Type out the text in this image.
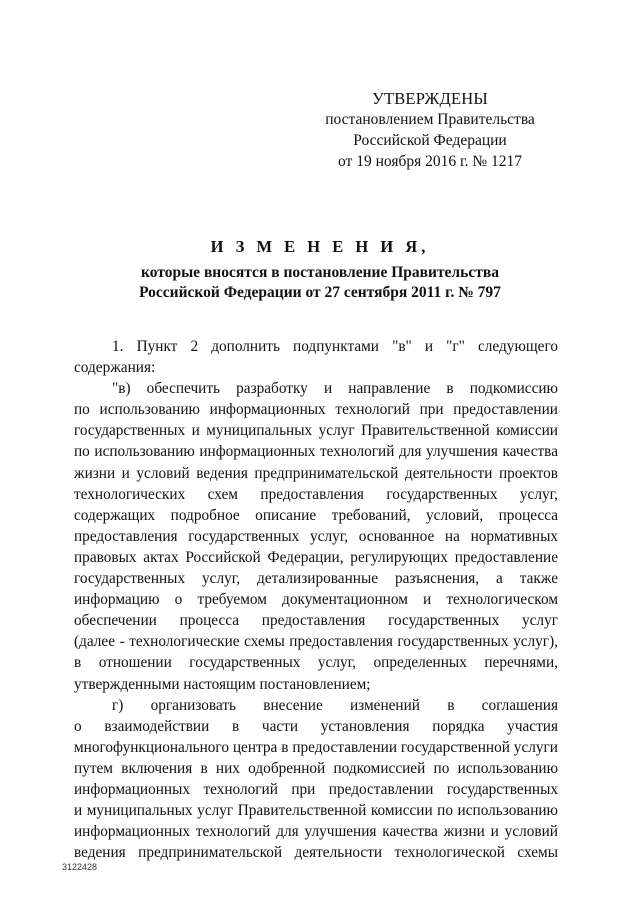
УТВЕРЖДЕНЫ
постановлением Правительства
Российской Федерации
от 19 ноября 2016 г. № 1217
И З М Е Н Е Н И Я,
которые вносятся в постановление Правительства
Российской Федерации от 27 сентября 2011 г. № 797
1. Пункт 2 дополнить подпунктами "в" и "г" следующего
содержания:
"в) обеспечить разработку и направление в подкомиссию
по использованию информационных технологий при предоставлении
государственных и муниципальных услуг Правительственной комиссии
по использованию информационных технологий для улучшения качества
жизни и условий ведения предпринимательской деятельности проектов
технологических схем предоставления государственных услуг,
содержащих подробное описание требований, условий, процесса
предоставления государственных услуг, основанное на нормативных
правовых актах Российской Федерации, регулирующих предоставление
государственных услуг, детализированные разъяснения, а также
информацию о требуемом документационном и технологическом
обеспечении процесса предоставления государственных услуг
(далее - технологические схемы предоставления государственных услуг),
в отношении государственных услуг, определенных перечнями,
утвержденными настоящим постановлением;
г) организовать внесение изменений в соглашения
о взаимодействии в части установления порядка участия
многофункционального центра в предоставлении государственной услуги
путем включения в них одобренной подкомиссией по использованию
информационных технологий при предоставлении государственных
и муниципальных услуг Правительственной комиссии по использованию
информационных технологий для улучшения качества жизни и условий
ведения предпринимательской деятельности технологической схемы
3122428
